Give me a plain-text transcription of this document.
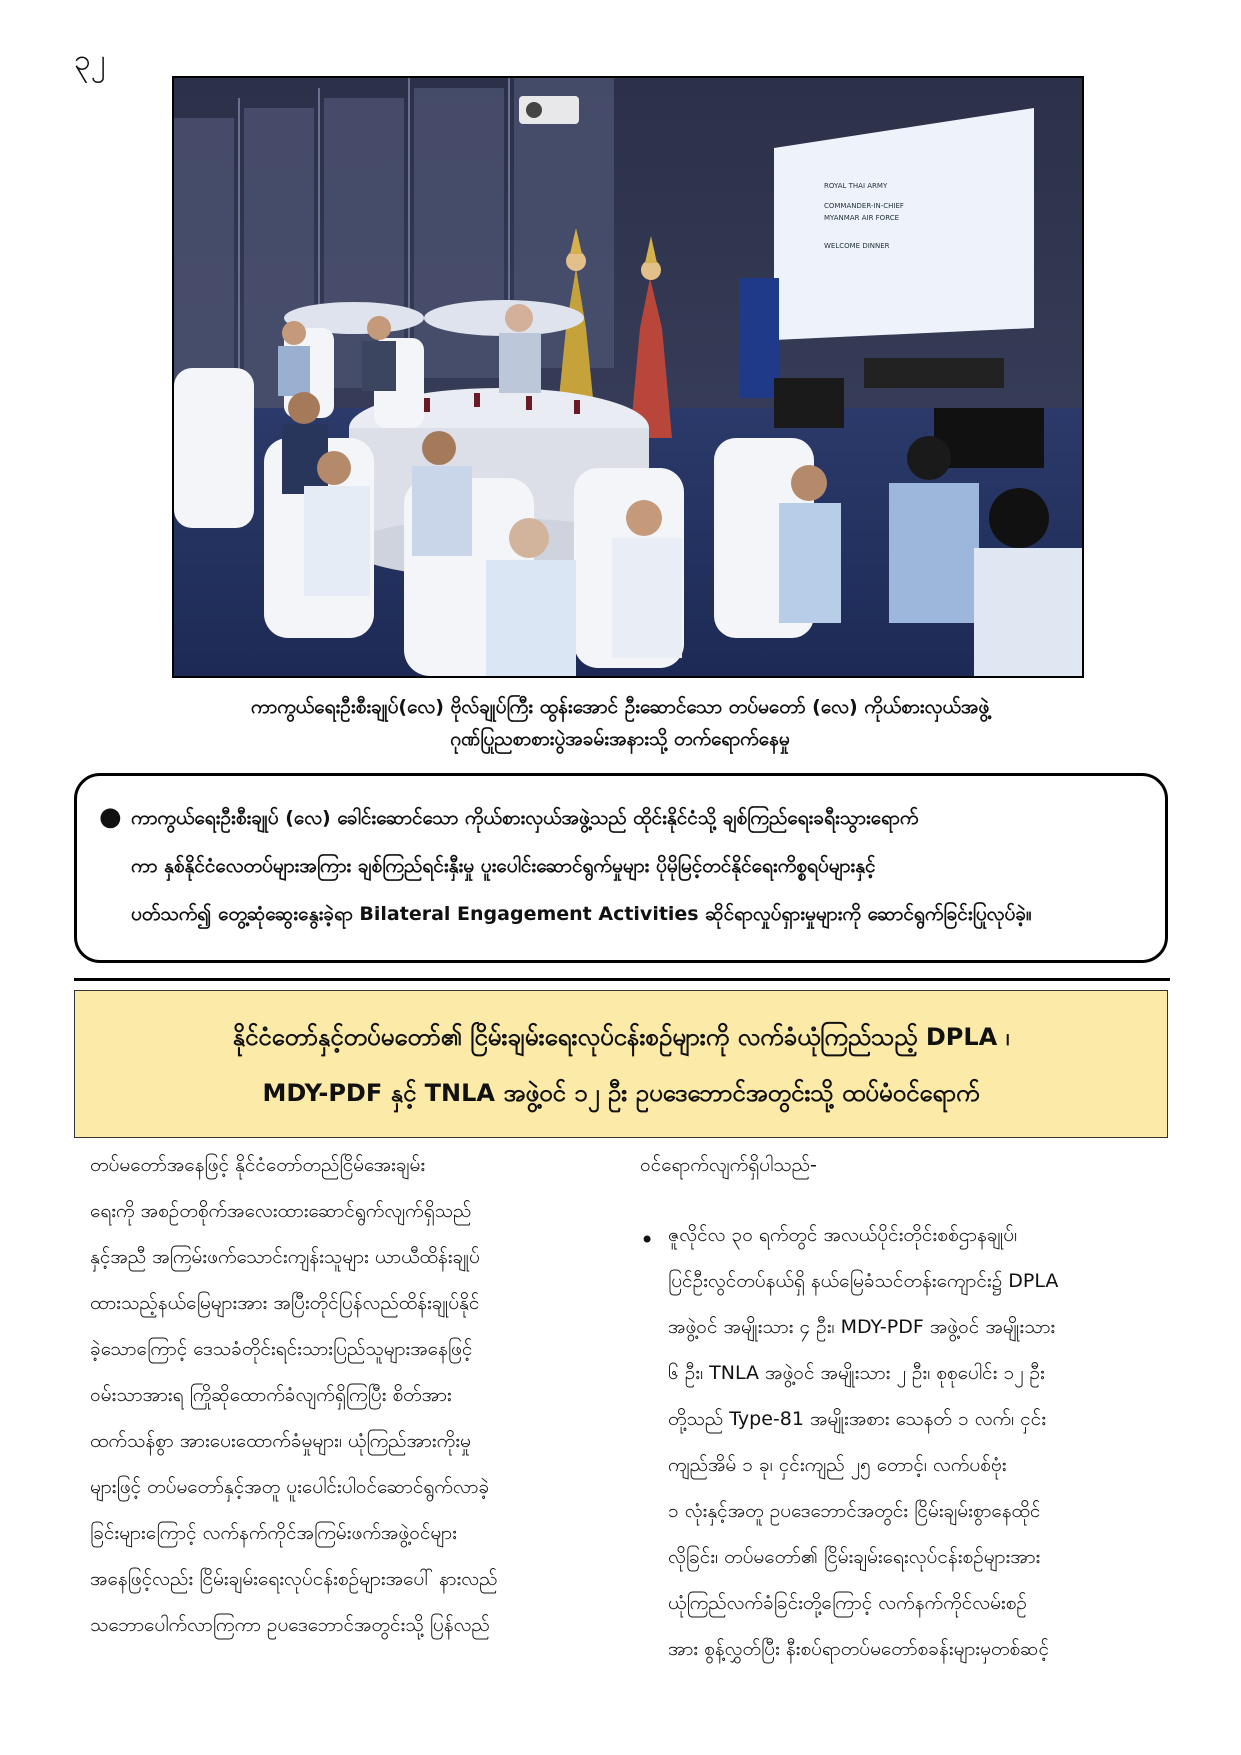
၃၂
ROYAL THAI ARMY
COMMANDER-IN-CHIEF
MYANMAR AIR FORCE
WELCOME DINNER
ကာကွယ်ရေးဦးစီးချုပ်(လေ) ဗိုလ်ချုပ်ကြီး ထွန်းအောင် ဦးဆောင်သော တပ်မတော် (လေ) ကိုယ်စားလှယ်အဖွဲ့
ဂုဏ်ပြုညစာစားပွဲအခမ်းအနားသို့ တက်ရောက်နေမှု
● ကာကွယ်ရေးဦးစီးချုပ် (လေ) ခေါင်းဆောင်သော ကိုယ်စားလှယ်အဖွဲ့သည် ထိုင်းနိုင်ငံသို့ ချစ်ကြည်ရေးခရီးသွားရောက်
ကာ နှစ်နိုင်ငံလေတပ်များအကြား ချစ်ကြည်ရင်းနှီးမှု ပူးပေါင်းဆောင်ရွက်မှုများ ပိုမိုမြင့်တင်နိုင်ရေးကိစ္စရပ်များနှင့်
ပတ်သက်၍ တွေ့ဆုံဆွေးနွေးခဲ့ရာ Bilateral Engagement Activities ဆိုင်ရာလှုပ်ရှားမှုများကို ဆောင်ရွက်ခြင်းပြုလုပ်ခဲ့။
နိုင်ငံတော်နှင့်တပ်မတော်၏ ငြိမ်းချမ်းရေးလုပ်ငန်းစဉ်များကို လက်ခံယုံကြည်သည့် DPLA ၊
MDY-PDF နှင့် TNLA အဖွဲ့ဝင် ၁၂ ဦး ဥပဒေဘောင်အတွင်းသို့ ထပ်မံဝင်ရောက်
တပ်မတော်အနေဖြင့် နိုင်ငံတော်တည်ငြိမ်အေးချမ်း
ရေးကို အစဉ်တစိုက်အလေးထားဆောင်ရွက်လျက်ရှိသည်
နှင့်အညီ အကြမ်းဖက်သောင်းကျန်းသူများ ယာယီထိန်းချုပ်
ထားသည့်နယ်မြေများအား အပြီးတိုင်ပြန်လည်ထိန်းချုပ်နိုင်
ခဲ့သောကြောင့် ဒေသခံတိုင်းရင်းသားပြည်သူများအနေဖြင့်
ဝမ်းသာအားရ ကြိုဆိုထောက်ခံလျက်ရှိကြပြီး စိတ်အား
ထက်သန်စွာ အားပေးထောက်ခံမှုများ၊ ယုံကြည်အားကိုးမှု
များဖြင့် တပ်မတော်နှင့်အတူ ပူးပေါင်းပါဝင်ဆောင်ရွက်လာခဲ့
ခြင်းများကြောင့် လက်နက်ကိုင်အကြမ်းဖက်အဖွဲ့ဝင်များ
အနေဖြင့်လည်း ငြိမ်းချမ်းရေးလုပ်ငန်းစဉ်များအပေါ် နားလည်
သဘောပေါက်လာကြကာ ဥပဒေဘောင်အတွင်းသို့ ပြန်လည်
ဝင်ရောက်လျက်ရှိပါသည်-
• ဇူလိုင်လ ၃၀ ရက်တွင် အလယ်ပိုင်းတိုင်းစစ်ဌာနချုပ်၊
ပြင်ဦးလွင်တပ်နယ်ရှိ နယ်မြေခံသင်တန်းကျောင်း၌ DPLA
အဖွဲ့ဝင် အမျိုးသား ၄ ဦး၊ MDY-PDF အဖွဲ့ဝင် အမျိုးသား
၆ ဦး၊ TNLA အဖွဲ့ဝင် အမျိုးသား ၂ ဦး၊ စုစုပေါင်း ၁၂ ဦး
တို့သည် Type-81 အမျိုးအစား သေနတ် ၁ လက်၊ ငှင်း
ကျည်အိမ် ၁ ခု၊ ငှင်းကျည် ၂၅ တောင့်၊ လက်ပစ်ဗုံး
၁ လုံးနှင့်အတူ ဥပဒေဘောင်အတွင်း ငြိမ်းချမ်းစွာနေထိုင်
လိုခြင်း၊ တပ်မတော်၏ ငြိမ်းချမ်းရေးလုပ်ငန်းစဉ်များအား
ယုံကြည်လက်ခံခြင်းတို့ကြောင့် လက်နက်ကိုင်လမ်းစဉ်
အား စွန့်လွှတ်ပြီး နီးစပ်ရာတပ်မတော်စခန်းများမှတစ်ဆင့်
